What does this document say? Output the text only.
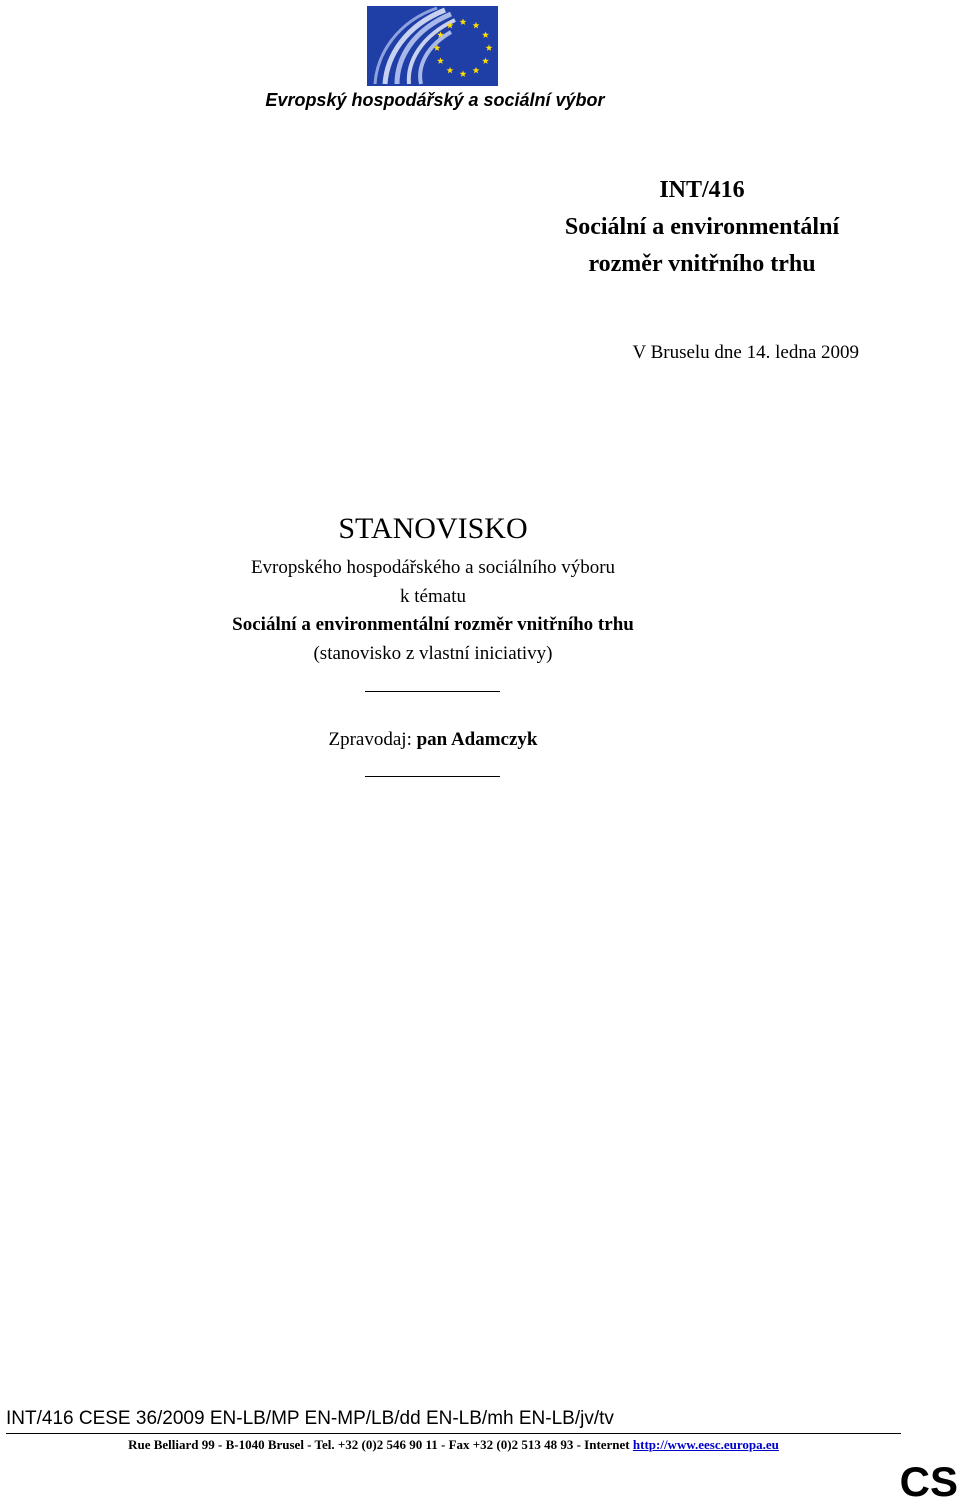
Evropský hospodářský a sociální výbor
INT/416
Sociální a environmentální
rozměr vnitřního trhu
V Bruselu dne 14. ledna 2009
STANOVISKO
Evropského hospodářského a sociálního výboru
k tématu
Sociální a environmentální rozměr vnitřního trhu
(stanovisko z vlastní iniciativy)
Zpravodaj: pan Adamczyk
INT/416 CESE 36/2009 EN-LB/MP EN-MP/LB/dd EN-LB/mh EN-LB/jv/tv
Rue Belliard 99 - B-1040 Brusel - Tel. +32 (0)2 546 90 11 - Fax +32 (0)2 513 48 93 - Internet http://www.eesc.europa.eu
CS
